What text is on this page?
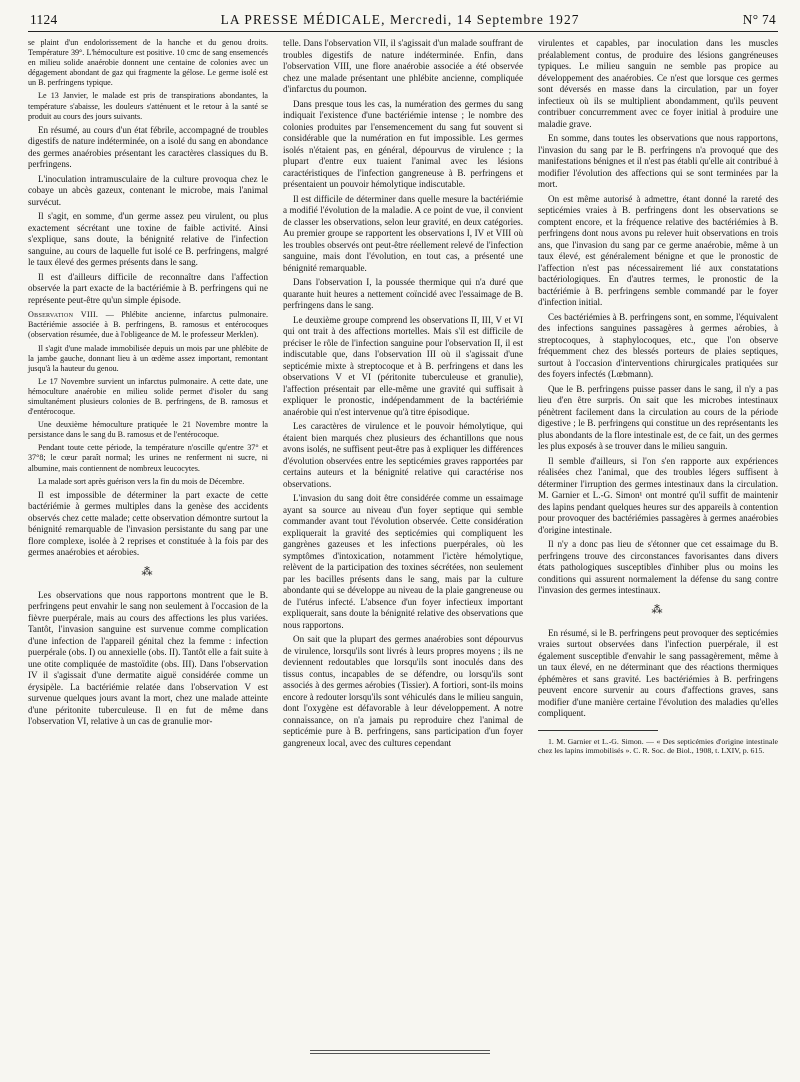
1124	LA PRESSE MÉDICALE, Mercredi, 14 Septembre 1927	N° 74

se plaint d'un endolorissement de la hanche et du genou droits. Température 39°. L'hémoculture est positive. 10 cmc de sang ensemencés en milieu solide anaérobie donnent une centaine de colonies avec un dégagement abondant de gaz qui fragmente la gélose. Le germe isolé est un B. perfringens typique.

Le 13 Janvier, le malade est pris de transpirations abondantes, la température s'abaisse, les douleurs s'atténuent et le retour à la santé se produit au cours des jours suivants.

En résumé, au cours d'un état fébrile, accompagné de troubles digestifs de nature indéterminée, on a isolé du sang en abondance des germes anaérobies présentant les caractères classiques du B. perfringens.

L'inoculation intramusculaire de la culture provoqua chez le cobaye un abcès gazeux, contenant le microbe, mais l'animal survécut.

Il s'agit, en somme, d'un germe assez peu virulent, ou plus exactement sécrétant une toxine de faible activité. Ainsi s'explique, sans doute, la bénignité relative de l'infection sanguine, au cours de laquelle fut isolé ce B. perfringens, malgré le taux élevé des germes présents dans le sang.

Il est d'ailleurs difficile de reconnaître dans l'affection observée la part exacte de la bactériémie à B. perfringens qui ne représente peut-être qu'un simple épisode.

Observation VIII. — Phlébite ancienne, infarctus pulmonaire. Bactériémie associée à B. perfringens, B. ramosus et entérocoques (observation résumée, due à l'obligeance de M. le professeur Merklen).

Il s'agit d'une malade immobilisée depuis un mois par une phlébite de la jambe gauche, donnant lieu à un œdème assez important, remontant jusqu'à la hauteur du genou.

Le 17 Novembre survient un infarctus pulmonaire. A cette date, une hémoculture anaérobie en milieu solide permet d'isoler du sang simultanément plusieurs colonies de B. perfringens, de B. ramosus et d'entérocoque.

Une deuxième hémoculture pratiquée le 21 Novembre montre la persistance dans le sang du B. ramosus et de l'entérocoque.

Pendant toute cette période, la température n'oscille qu'entre 37° et 37°8; le cœur paraît normal; les urines ne renferment ni sucre, ni albumine, mais contiennent de nombreux leucocytes.

La malade sort après guérison vers la fin du mois de Décembre.

Il est impossible de déterminer la part exacte de cette bactériémie à germes multiples dans la genèse des accidents observés chez cette malade; cette observation démontre surtout la bénignité remarquable de l'invasion persistante du sang par une flore complexe, isolée à 2 reprises et constituée à la fois par des germes anaérobies et aérobies.

⁂

Les observations que nous rapportons montrent que le B. perfringens peut envahir le sang non seulement à l'occasion de la fièvre puerpérale, mais au cours des affections les plus variées. Tantôt, l'invasion sanguine est survenue comme complication d'une infection de l'appareil génital chez la femme : infection puerpérale (obs. I) ou annexielle (obs. II). Tantôt elle a fait suite à une otite compliquée de mastoïdite (obs. III). Dans l'observation IV il s'agissait d'une dermatite aiguë considérée comme un érysipèle. La bactériémie relatée dans l'observation V est survenue quelques jours avant la mort, chez une malade atteinte d'une péritonite tuberculeuse. Il en fut de même dans l'observation VI, relative à un cas de granulie mor-

telle. Dans l'observation VII, il s'agissait d'un malade souffrant de troubles digestifs de nature indéterminée. Enfin, dans l'observation VIII, une flore anaérobie associée a été observée chez une malade présentant une phlébite ancienne, compliquée d'infarctus du poumon.

Dans presque tous les cas, la numération des germes du sang indiquait l'existence d'une bactériémie intense ; le nombre des colonies produites par l'ensemencement du sang fut souvent si considérable que la numération en fut impossible. Les germes isolés n'étaient pas, en général, dépourvus de virulence ; la plupart d'entre eux tuaient l'animal avec les lésions caractéristiques de l'infection gangreneuse à B. perfringens et présentaient un pouvoir hémolytique indiscutable.

Il est difficile de déterminer dans quelle mesure la bactériémie a modifié l'évolution de la maladie. A ce point de vue, il convient de classer les observations, selon leur gravité, en deux catégories. Au premier groupe se rapportent les observations I, IV et VIII où les troubles observés ont peut-être réellement relevé de l'infection sanguine, mais dont l'évolution, en tout cas, a présenté une bénignité remarquable.

Dans l'observation I, la poussée thermique qui n'a duré que quarante huit heures a nettement coïncidé avec l'essaimage de B. perfringens dans le sang.

Le deuxième groupe comprend les observations II, III, V et VI qui ont trait à des affections mortelles. Mais s'il est difficile de préciser le rôle de l'infection sanguine pour l'observation II, il est indiscutable que, dans l'observation III où il s'agissait d'une septicémie mixte à streptocoque et à B. perfringens et dans les observations V et VI (péritonite tuberculeuse et granulie), l'affection présentait par elle-même une gravité qui suffisait à expliquer le pronostic, indépendamment de la bactériémie anaérobie qui n'est intervenue qu'à titre épisodique.

Les caractères de virulence et le pouvoir hémolytique, qui étaient bien marqués chez plusieurs des échantillons que nous avons isolés, ne suffisent peut-être pas à expliquer les différences d'évolution observées entre les septicémies graves rapportées par certains auteurs et la bénignité relative qui caractérise nos observations.

L'invasion du sang doit être considérée comme un essaimage ayant sa source au niveau d'un foyer septique qui semble commander avant tout l'évolution observée. Cette considération expliquerait la gravité des septicémies qui compliquent les gangrènes gazeuses et les infections puerpérales, où les symptômes d'intoxication, notamment l'ictère hémolytique, relèvent de la participation des toxines sécrétées, non seulement par les bacilles présents dans le sang, mais par la culture abondante qui se développe au niveau de la plaie gangreneuse ou de l'utérus infecté. L'absence d'un foyer infectieux important expliquerait, sans doute la bénignité relative des observations que nous rapportons.

On sait que la plupart des germes anaérobies sont dépourvus de virulence, lorsqu'ils sont livrés à leurs propres moyens ; ils ne deviennent redoutables que lorsqu'ils sont inoculés dans des tissus contus, incapables de se défendre, ou lorsqu'ils sont associés à des germes aérobies (Tissier). A fortiori, sont-ils moins encore à redouter lorsqu'ils sont véhiculés dans le milieu sanguin, dont l'oxygène est défavorable à leur développement. A notre connaissance, on n'a jamais pu reproduire chez l'animal de septicémie pure à B. perfringens, sans participation d'un foyer gangreneux local, avec des cultures cependant

virulentes et capables, par inoculation dans les muscles préalablement contus, de produire des lésions gangréneuses typiques. Le milieu sanguin ne semble pas propice au développement des anaérobies. Ce n'est que lorsque ces germes sont déversés en masse dans la circulation, par un foyer infectieux où ils se multiplient abondamment, qu'ils peuvent contribuer concurremment avec ce foyer initial à produire une maladie grave.

En somme, dans toutes les observations que nous rapportons, l'invasion du sang par le B. perfringens n'a provoqué que des manifestations bénignes et il n'est pas établi qu'elle ait contribué à modifier l'évolution des affections qui se sont terminées par la mort.

On est même autorisé à admettre, étant donné la rareté des septicémies vraies à B. perfringens dont les observations se comptent encore, et la fréquence relative des bactériémies à B. perfringens dont nous avons pu relever huit observations en trois ans, que l'invasion du sang par ce germe anaérobie, même à un taux élevé, est généralement bénigne et que le pronostic de l'affection n'est pas nécessairement lié aux constatations bactériologiques. En d'autres termes, le pronostic de la bactériémie à B. perfringens semble commandé par le foyer d'infection initial.

Ces bactériémies à B. perfringens sont, en somme, l'équivalent des infections sanguines passagères à germes aérobies, à streptocoques, à staphylocoques, etc., que l'on observe fréquemment chez des blessés porteurs de plaies septiques, surtout à l'occasion d'interventions chirurgicales pratiquées sur des foyers infectés (Lœbmann).

Que le B. perfringens puisse passer dans le sang, il n'y a pas lieu d'en être surpris. On sait que les microbes intestinaux pénètrent facilement dans la circulation au cours de la période digestive ; le B. perfringens qui constitue un des représentants les plus abondants de la flore intestinale est, de ce fait, un des germes les plus exposés à se trouver dans le milieu sanguin.

Il semble d'ailleurs, si l'on s'en rapporte aux expériences réalisées chez l'animal, que des troubles légers suffisent à déterminer l'irruption des germes intestinaux dans la circulation. M. Garnier et L.-G. Simon¹ ont montré qu'il suffit de maintenir des lapins pendant quelques heures sur des appareils à contention pour provoquer des bactériémies passagères à germes anaérobies d'origine intestinale.

Il n'y a donc pas lieu de s'étonner que cet essaimage du B. perfringens trouve des circonstances favorisantes dans divers états pathologiques susceptibles d'inhiber plus ou moins les conditions qui assurent normalement la défense du sang contre l'invasion des germes intestinaux.

⁂

En résumé, si le B. perfringens peut provoquer des septicémies vraies surtout observées dans l'infection puerpérale, il est également susceptible d'envahir le sang passagèrement, même à un taux élevé, en ne déterminant que des réactions thermiques éphémères et sans gravité. Les bactériémies à B. perfringens peuvent encore survenir au cours d'affections graves, sans modifier d'une manière certaine l'évolution des maladies qu'elles compliquent.

1. M. Garnier et L.-G. Simon. — « Des septicémies d'origine intestinale chez les lapins immobilisés ». C. R. Soc. de Biol., 1908, t. LXIV, p. 615.
